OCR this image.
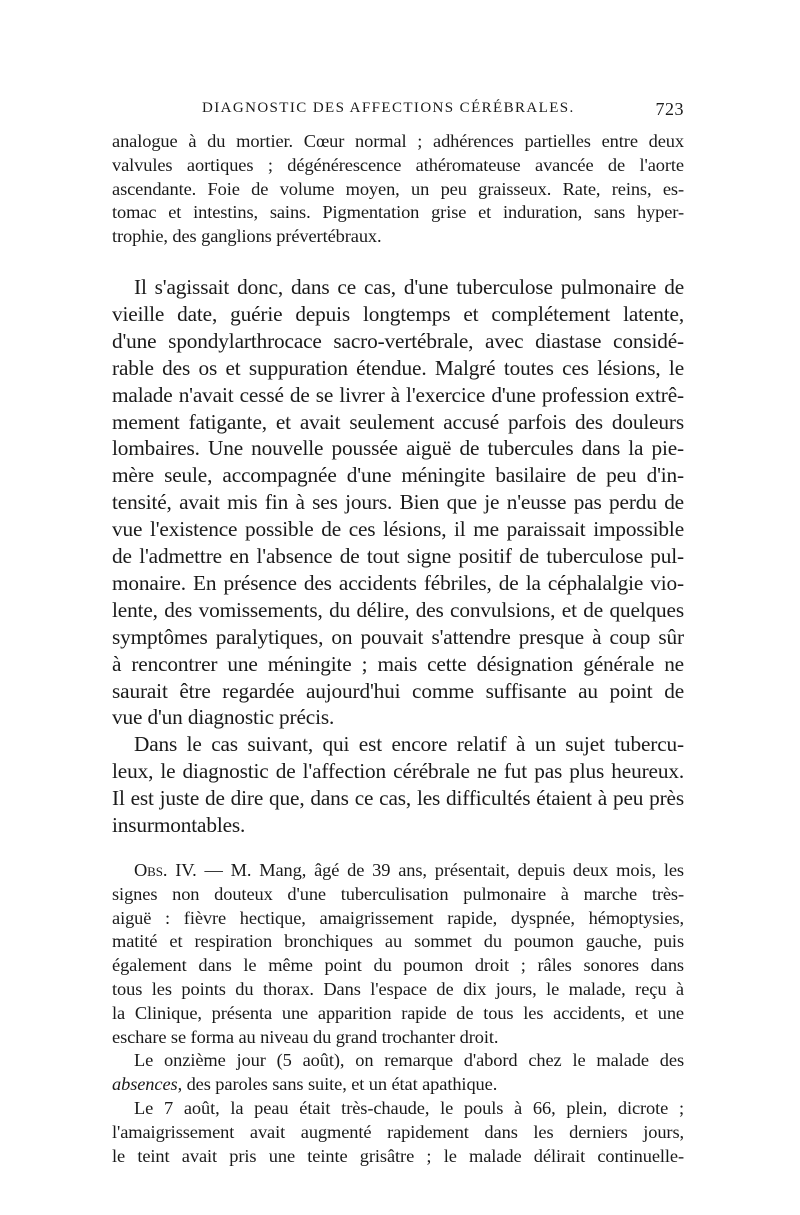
DIAGNOSTIC DES AFFECTIONS CÉRÉBRALES.	723
analogue à du mortier. Cœur normal ; adhérences partielles entre deux
valvules aortiques ; dégénérescence athéromateuse avancée de l'aorte
ascendante. Foie de volume moyen, un peu graisseux. Rate, reins, es-
tomac et intestins, sains. Pigmentation grise et induration, sans hyper-
trophie, des ganglions prévertébraux.
Il s'agissait donc, dans ce cas, d'une tuberculose pulmonaire de
vieille date, guérie depuis longtemps et complétement latente,
d'une spondylarthrocace sacro-vertébrale, avec diastase considé-
rable des os et suppuration étendue. Malgré toutes ces lésions, le
malade n'avait cessé de se livrer à l'exercice d'une profession extrê-
mement fatigante, et avait seulement accusé parfois des douleurs
lombaires. Une nouvelle poussée aiguë de tubercules dans la pie-
mère seule, accompagnée d'une méningite basilaire de peu d'in-
tensité, avait mis fin à ses jours. Bien que je n'eusse pas perdu de
vue l'existence possible de ces lésions, il me paraissait impossible
de l'admettre en l'absence de tout signe positif de tuberculose pul-
monaire. En présence des accidents fébriles, de la céphalalgie vio-
lente, des vomissements, du délire, des convulsions, et de quelques
symptômes paralytiques, on pouvait s'attendre presque à coup sûr
à rencontrer une méningite ; mais cette désignation générale ne
saurait être regardée aujourd'hui comme suffisante au point de
vue d'un diagnostic précis.
Dans le cas suivant, qui est encore relatif à un sujet tubercu-
leux, le diagnostic de l'affection cérébrale ne fut pas plus heureux.
Il est juste de dire que, dans ce cas, les difficultés étaient à peu près
insurmontables.
Obs. IV. — M. Mang, âgé de 39 ans, présentait, depuis deux mois, les
signes non douteux d'une tuberculisation pulmonaire à marche très-
aiguë : fièvre hectique, amaigrissement rapide, dyspnée, hémoptysies,
matité et respiration bronchiques au sommet du poumon gauche, puis
également dans le même point du poumon droit ; râles sonores dans
tous les points du thorax. Dans l'espace de dix jours, le malade, reçu à
la Clinique, présenta une apparition rapide de tous les accidents, et une
eschare se forma au niveau du grand trochanter droit.
Le onzième jour (5 août), on remarque d'abord chez le malade des
absences, des paroles sans suite, et un état apathique.
Le 7 août, la peau était très-chaude, le pouls à 66, plein, dicrote ;
l'amaigrissement avait augmenté rapidement dans les derniers jours,
le teint avait pris une teinte grisâtre ; le malade délirait continuelle-
